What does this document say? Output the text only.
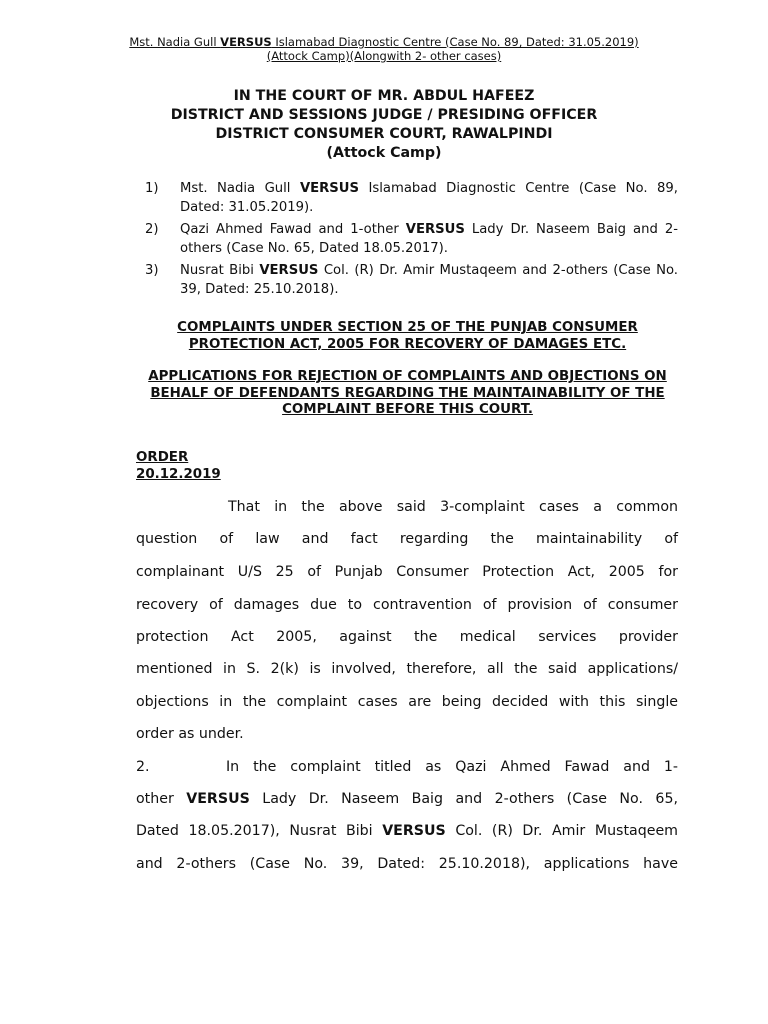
Mst. Nadia Gull VERSUS Islamabad Diagnostic Centre (Case No. 89, Dated: 31.05.2019)
(Attock Camp)(Alongwith 2- other cases)
IN THE COURT OF MR. ABDUL HAFEEZ
DISTRICT AND SESSIONS JUDGE / PRESIDING OFFICER
DISTRICT CONSUMER COURT, RAWALPINDI
(Attock Camp)
1) Mst. Nadia Gull VERSUS Islamabad Diagnostic Centre (Case No. 89, Dated: 31.05.2019).
2) Qazi Ahmed Fawad and 1-other VERSUS Lady Dr. Naseem Baig and 2-others (Case No. 65, Dated 18.05.2017).
3) Nusrat Bibi VERSUS Col. (R) Dr. Amir Mustaqeem and 2-others (Case No. 39, Dated: 25.10.2018).
COMPLAINTS UNDER SECTION 25 OF THE PUNJAB CONSUMER PROTECTION ACT, 2005 FOR RECOVERY OF DAMAGES ETC.
APPLICATIONS FOR REJECTION OF COMPLAINTS AND OBJECTIONS ON BEHALF OF DEFENDANTS REGARDING THE MAINTAINABILITY OF THE COMPLAINT BEFORE THIS COURT.
ORDER
20.12.2019
That in the above said 3-complaint cases a common
question of law and fact regarding the maintainability of
complainant U/S 25 of Punjab Consumer Protection Act, 2005 for
recovery of damages due to contravention of provision of consumer
protection Act 2005, against the medical services provider
mentioned in S. 2(k) is involved, therefore, all the said applications/
objections in the complaint cases are being decided with this single
order as under.
2.	In the complaint titled as Qazi Ahmed Fawad and 1-
other VERSUS Lady Dr. Naseem Baig and 2-others (Case No. 65,
Dated 18.05.2017), Nusrat Bibi VERSUS Col. (R) Dr. Amir Mustaqeem
and 2-others (Case No. 39, Dated: 25.10.2018), applications have
